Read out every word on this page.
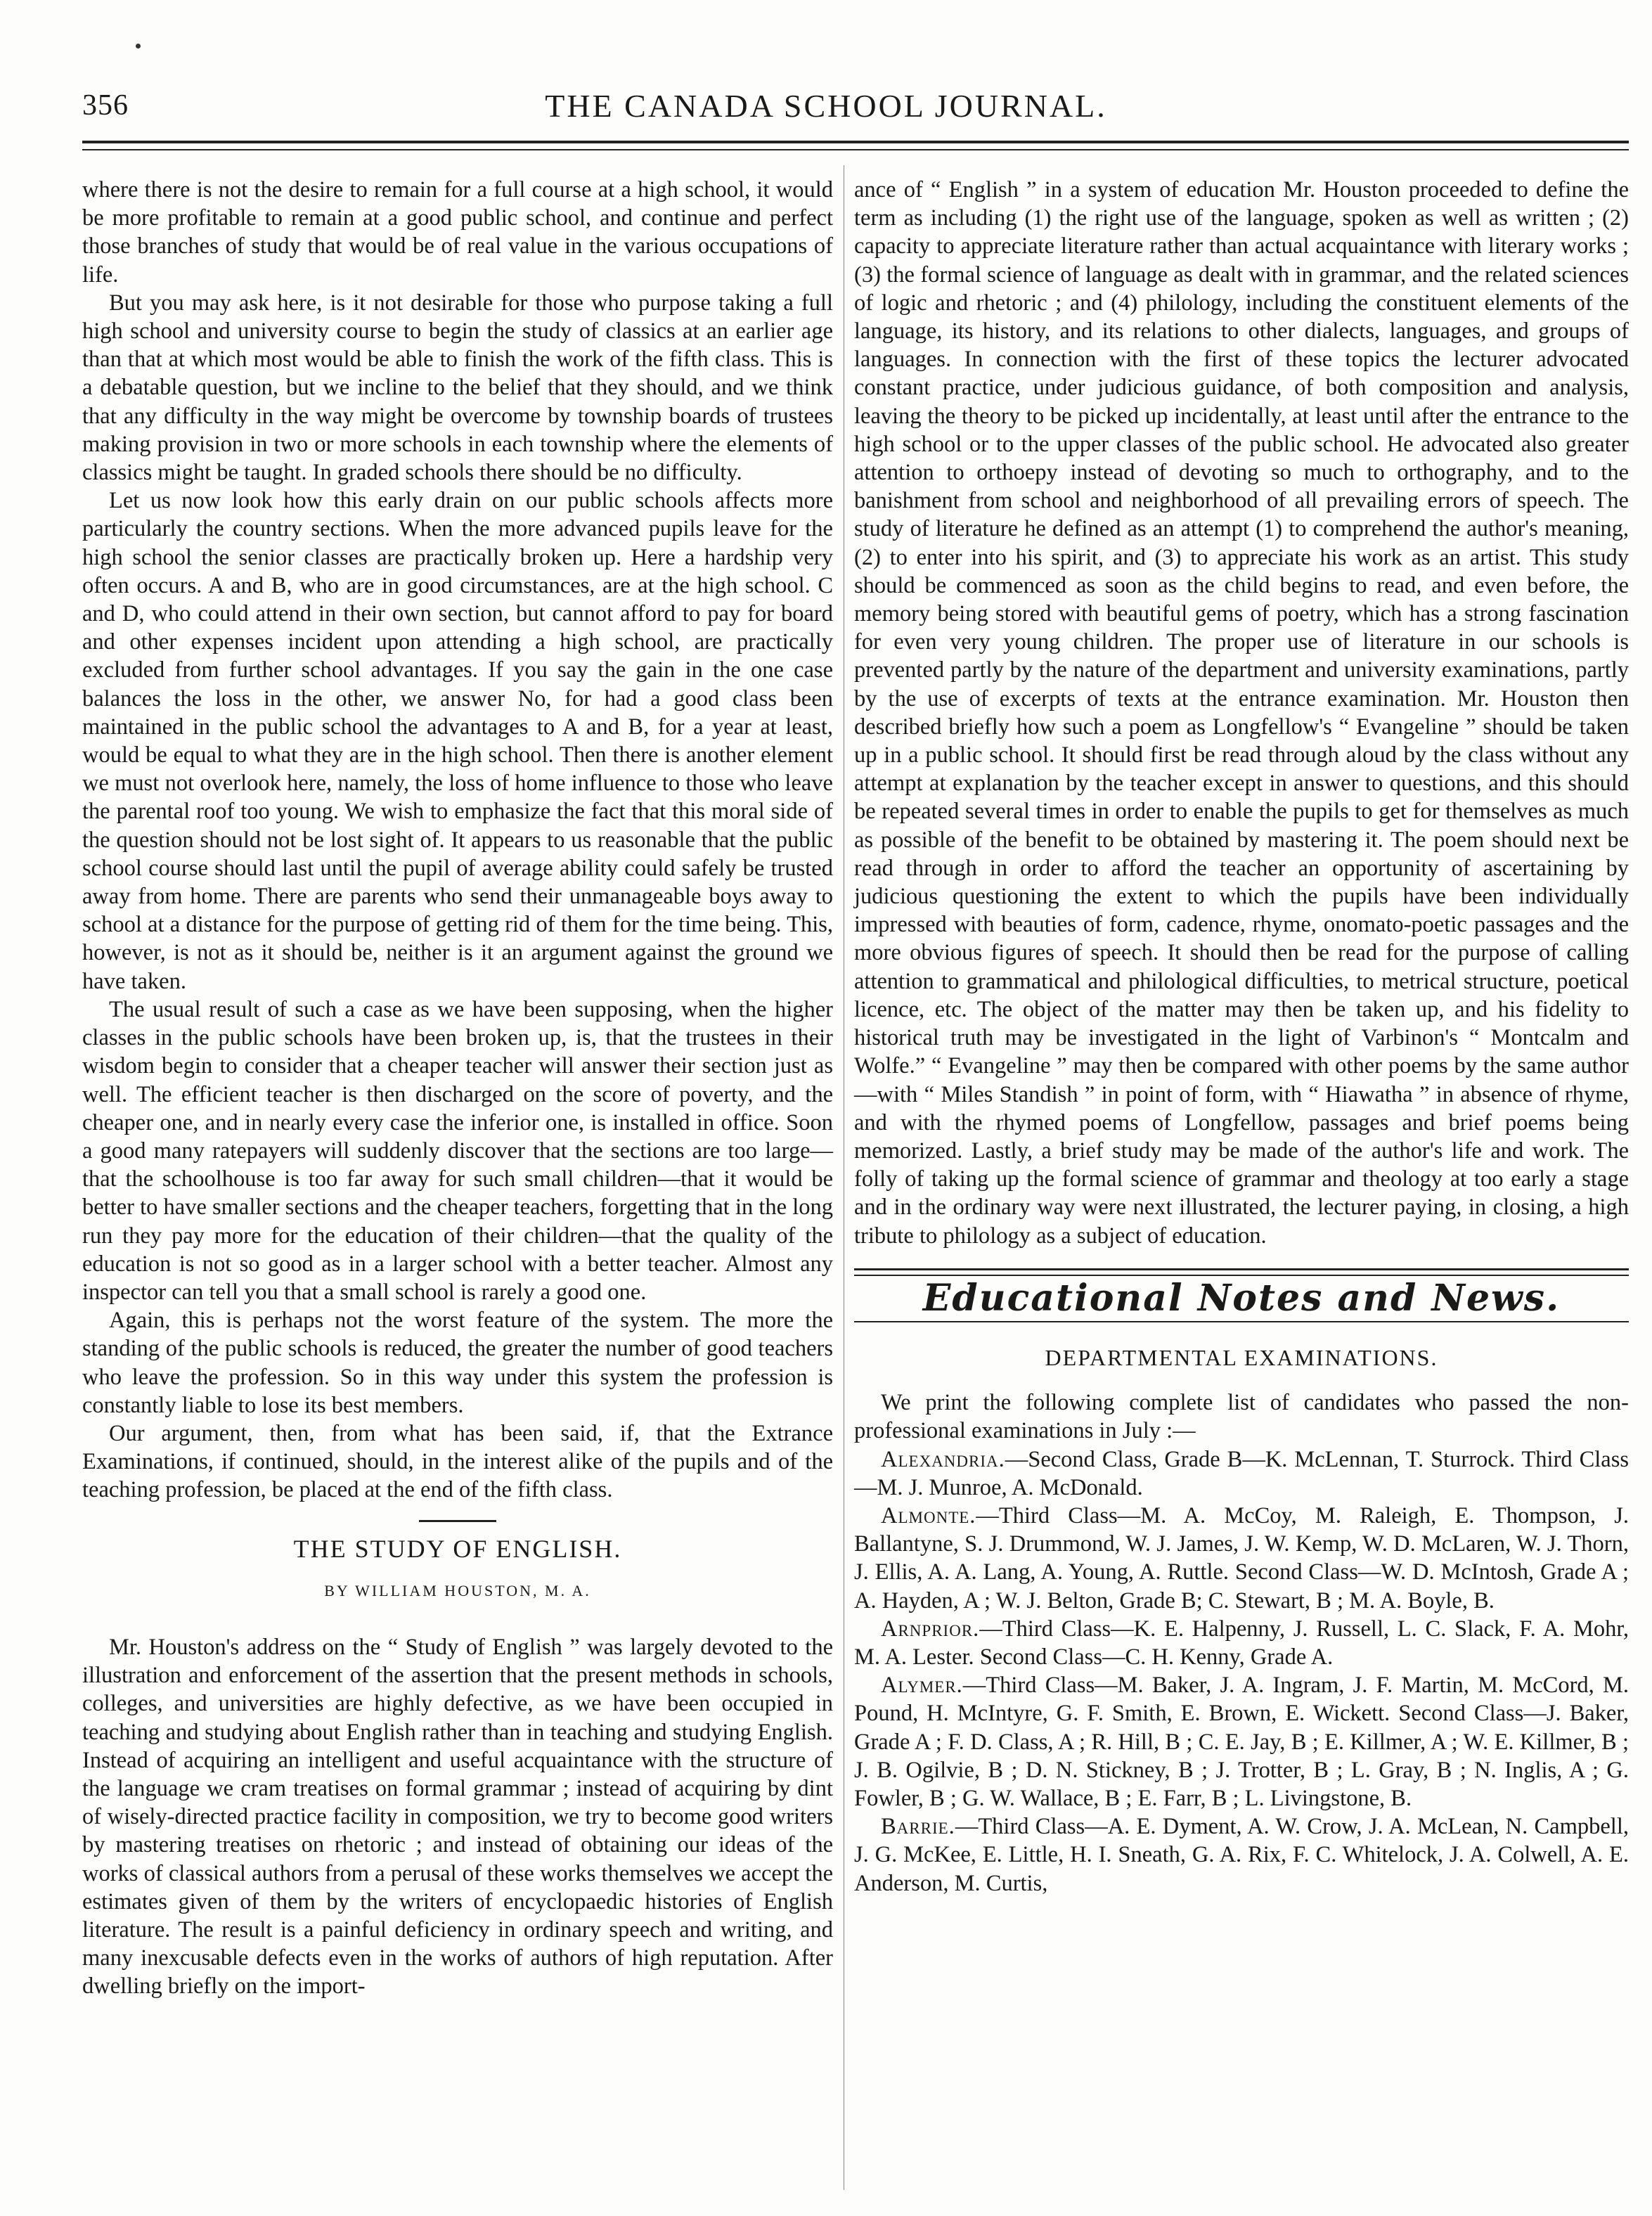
356	THE CANADA SCHOOL JOURNAL.

where there is not the desire to remain for a full course at a high school, it would be more profitable to remain at a good public school, and continue and perfect those branches of study that would be of real value in the various occupations of life.

But you may ask here, is it not desirable for those who purpose taking a full high school and university course to begin the study of classics at an earlier age than that at which most would be able to finish the work of the fifth class. This is a debatable question, but we incline to the belief that they should, and we think that any difficulty in the way might be overcome by township boards of trustees making provision in two or more schools in each township where the elements of classics might be taught. In graded schools there should be no difficulty.

Let us now look how this early drain on our public schools affects more particularly the country sections. When the more advanced pupils leave for the high school the senior classes are practically broken up. Here a hardship very often occurs. A and B, who are in good circumstances, are at the high school. C and D, who could attend in their own section, but cannot afford to pay for board and other expenses incident upon attending a high school, are practically excluded from further school advantages. If you say the gain in the one case balances the loss in the other, we answer No, for had a good class been maintained in the public school the advantages to A and B, for a year at least, would be equal to what they are in the high school. Then there is another element we must not overlook here, namely, the loss of home influence to those who leave the parental roof too young. We wish to emphasize the fact that this moral side of the question should not be lost sight of. It appears to us reasonable that the public school course should last until the pupil of average ability could safely be trusted away from home. There are parents who send their unmanageable boys away to school at a distance for the purpose of getting rid of them for the time being. This, however, is not as it should be, neither is it an argument against the ground we have taken.

The usual result of such a case as we have been supposing, when the higher classes in the public schools have been broken up, is, that the trustees in their wisdom begin to consider that a cheaper teacher will answer their section just as well. The efficient teacher is then discharged on the score of poverty, and the cheaper one, and in nearly every case the inferior one, is installed in office. Soon a good many ratepayers will suddenly discover that the sections are too large—that the schoolhouse is too far away for such small children—that it would be better to have smaller sections and the cheaper teachers, forgetting that in the long run they pay more for the education of their children—that the quality of the education is not so good as in a larger school with a better teacher. Almost any inspector can tell you that a small school is rarely a good one.

Again, this is perhaps not the worst feature of the system. The more the standing of the public schools is reduced, the greater the number of good teachers who leave the profession. So in this way under this system the profession is constantly liable to lose its best members.

Our argument, then, from what has been said, if, that the Extrance Examinations, if continued, should, in the interest alike of the pupils and of the teaching profession, be placed at the end of the fifth class.

THE STUDY OF ENGLISH.
BY WILLIAM HOUSTON, M. A.

Mr. Houston's address on the “ Study of English ” was largely devoted to the illustration and enforcement of the assertion that the present methods in schools, colleges, and universities are highly defective, as we have been occupied in teaching and studying about English rather than in teaching and studying English. Instead of acquiring an intelligent and useful acquaintance with the structure of the language we cram treatises on formal grammar ; instead of acquiring by dint of wisely-directed practice facility in composition, we try to become good writers by mastering treatises on rhetoric ; and instead of obtaining our ideas of the works of classical authors from a perusal of these works themselves we accept the estimates given of them by the writers of encyclopaedic histories of English literature. The result is a painful deficiency in ordinary speech and writing, and many inexcusable defects even in the works of authors of high reputation. After dwelling briefly on the import-

ance of “ English ” in a system of education Mr. Houston proceeded to define the term as including (1) the right use of the language, spoken as well as written ; (2) capacity to appreciate literature rather than actual acquaintance with literary works ; (3) the formal science of language as dealt with in grammar, and the related sciences of logic and rhetoric ; and (4) philology, including the constituent elements of the language, its history, and its relations to other dialects, languages, and groups of languages. In connection with the first of these topics the lecturer advocated constant practice, under judicious guidance, of both composition and analysis, leaving the theory to be picked up incidentally, at least until after the entrance to the high school or to the upper classes of the public school. He advocated also greater attention to orthoepy instead of devoting so much to orthography, and to the banishment from school and neighborhood of all prevailing errors of speech. The study of literature he defined as an attempt (1) to comprehend the author's meaning, (2) to enter into his spirit, and (3) to appreciate his work as an artist. This study should be commenced as soon as the child begins to read, and even before, the memory being stored with beautiful gems of poetry, which has a strong fascination for even very young children. The proper use of literature in our schools is prevented partly by the nature of the department and university examinations, partly by the use of excerpts of texts at the entrance examination. Mr. Houston then described briefly how such a poem as Longfellow's “ Evangeline ” should be taken up in a public school. It should first be read through aloud by the class without any attempt at explanation by the teacher except in answer to questions, and this should be repeated several times in order to enable the pupils to get for themselves as much as possible of the benefit to be obtained by mastering it. The poem should next be read through in order to afford the teacher an opportunity of ascertaining by judicious questioning the extent to which the pupils have been individually impressed with beauties of form, cadence, rhyme, onomato-poetic passages and the more obvious figures of speech. It should then be read for the purpose of calling attention to grammatical and philological difficulties, to metrical structure, poetical licence, etc. The object of the matter may then be taken up, and his fidelity to historical truth may be investigated in the light of Varbinon's “ Montcalm and Wolfe.” “ Evangeline ” may then be compared with other poems by the same author—with “ Miles Standish ” in point of form, with “ Hiawatha ” in absence of rhyme, and with the rhymed poems of Longfellow, passages and brief poems being memorized. Lastly, a brief study may be made of the author's life and work. The folly of taking up the formal science of grammar and theology at too early a stage and in the ordinary way were next illustrated, the lecturer paying, in closing, a high tribute to philology as a subject of education.

Educational Notes and News.
DEPARTMENTAL EXAMINATIONS.

We print the following complete list of candidates who passed the non-professional examinations in July :—

Alexandria.—Second Class, Grade B—K. McLennan, T. Sturrock. Third Class—M. J. Munroe, A. McDonald.

Almonte.—Third Class—M. A. McCoy, M. Raleigh, E. Thompson, J. Ballantyne, S. J. Drummond, W. J. James, J. W. Kemp, W. D. McLaren, W. J. Thorn, J. Ellis, A. A. Lang, A. Young, A. Ruttle. Second Class—W. D. McIntosh, Grade A ; A. Hayden, A ; W. J. Belton, Grade B; C. Stewart, B ; M. A. Boyle, B.

Arnprior.—Third Class—K. E. Halpenny, J. Russell, L. C. Slack, F. A. Mohr, M. A. Lester. Second Class—C. H. Kenny, Grade A.

Alymer.—Third Class—M. Baker, J. A. Ingram, J. F. Martin, M. McCord, M. Pound, H. McIntyre, G. F. Smith, E. Brown, E. Wickett. Second Class—J. Baker, Grade A ; F. D. Class, A ; R. Hill, B ; C. E. Jay, B ; E. Killmer, A ; W. E. Killmer, B ; J. B. Ogilvie, B ; D. N. Stickney, B ; J. Trotter, B ; L. Gray, B ; N. Inglis, A ; G. Fowler, B ; G. W. Wallace, B ; E. Farr, B ; L. Livingstone, B.

Barrie.—Third Class—A. E. Dyment, A. W. Crow, J. A. McLean, N. Campbell, J. G. McKee, E. Little, H. I. Sneath, G. A. Rix, F. C. Whitelock, J. A. Colwell, A. E. Anderson, M. Curtis,
